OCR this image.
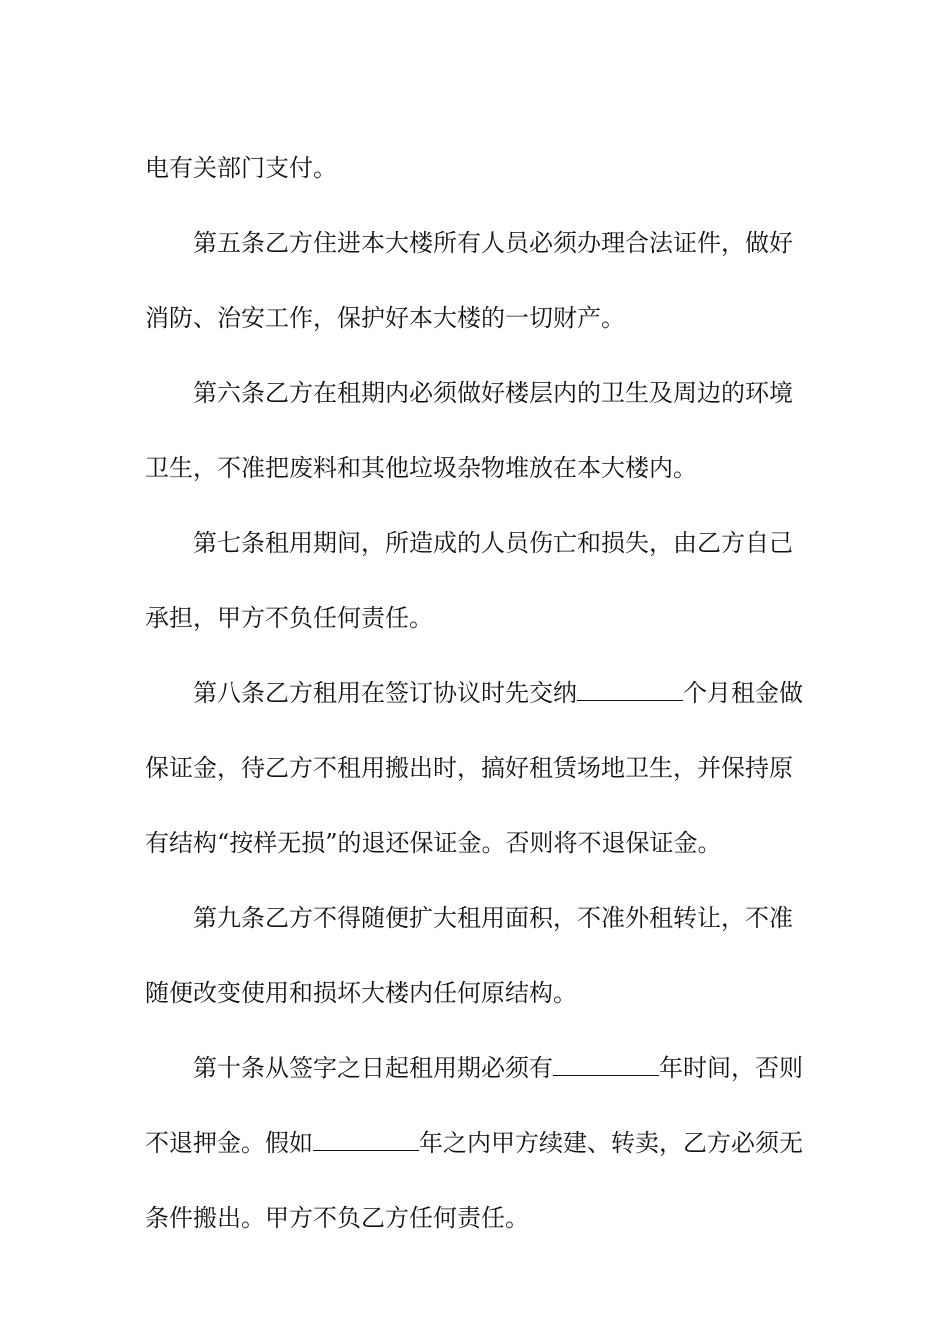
电有关部门支付。
第五条乙方住进本大楼所有人员必须办理合法证件，做好
消防、治安工作，保护好本大楼的一切财产。
第六条乙方在租期内必须做好楼层内的卫生及周边的环境
卫生，不准把废料和其他垃圾杂物堆放在本大楼内。
第七条租用期间，所造成的人员伤亡和损失，由乙方自己
承担，甲方不负任何责任。
第八条乙方租用在签订协议时先交纳	个月租金做
保证金，待乙方不租用搬出时，搞好租赁场地卫生，并保持原
有结构“按样无损”的退还保证金。否则将不退保证金。
第九条乙方不得随便扩大租用面积，不准外租转让，不准
随便改变使用和损坏大楼内任何原结构。
第十条从签字之日起租用期必须有	年时间，否则
不退押金。假如	年之内甲方续建、转卖，乙方必须无
条件搬出。甲方不负乙方任何责任。
